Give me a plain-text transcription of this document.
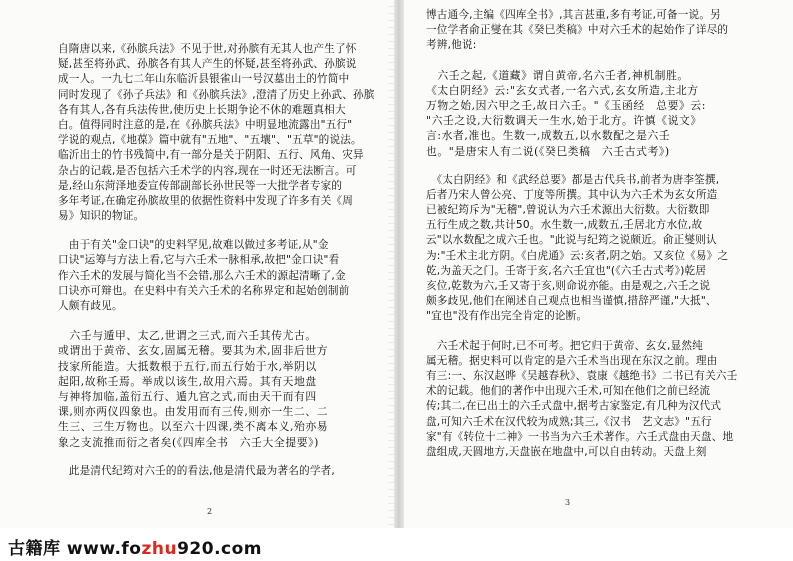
自隋唐以来,《孙膑兵法》不见于世,对孙膑有无其人也产生了怀
疑,甚至将孙武、孙膑各有其人产生的怀疑,甚至将孙武、孙膑说
成一人。一九七二年山东临沂县银雀山一号汉墓出土的竹简中
同时发现了《孙子兵法》和《孙膑兵法》,澄清了历史上孙武、孙膑
各有其人,各有兵法传世,使历史上长期争论不休的难题真相大
白。值得同时注意的是,在《孙膑兵法》中明显地流露出"五行"
学说的观点,《地葆》篇中就有"五地"、"五壤"、"五草"的说法。
临沂出土的竹书残简中,有一部分是关于阴阳、五行、风角、灾异
杂占的记载,是否包括六壬术学的内容,现在一时还无法断言。可
是,经山东菏泽地委宣传部副部长孙世民等一大批学者专家的
多年考证,在确定孙膑故里的依据性资料中发现了许多有关《周
易》知识的物证。
　由于有关"金口诀"的史料罕见,故难以做过多考证,从"金
口诀"运筹与方法上看,它与六壬术一脉相承,故把"金口诀"看
作六壬术的发展与简化当不会错,那么六壬术的源起清晰了,金
口诀亦可辩也。在史料中有关六壬术的名称界定和起始创制前
人颇有歧见。
　六壬与遁甲、太乙,世谓之三式,而六壬其传尤古。
或谓出于黄帝、玄女,固属无稽。要其为术,固非后世方
技家所能造。大抵数根于五行,而五行始于水,举阴以
起阳,故称壬焉。举成以该生,故用六焉。其有天地盘
与神将加临,盖衍五行、遁九宫之式,而由天干而有四
课,则亦两仪四象也。由发用而有三传,则亦一生二、二
生三、三生万物也。以至六十四课,类不离本义,殆亦易
象之支流推而衍之者矣(《四库全书　六壬大全提要》)
　此是清代纪筠对六壬的的看法,他是清代最为著名的学者,
2
博古通今,主编《四库全书》,其言甚重,多有考证,可备一说。另
一位学者俞正燮在其《癸巳类稿》中对六壬术的起始作了详尽的
考辨,他说:
　六壬之起,《道藏》谓自黄帝,名六壬者,神机制胜。
《太白阴经》云:"玄女式者,一名六式,玄女所造,主北方
万物之始,因六甲之壬,故日六壬。"《玉函经　总要》云:
"六壬之设,大衍数调天一生水,始于北方。许慎《说文》
言:水者,准也。生数一,成数五,以水数配之是六壬
也。"是唐宋人有二说(《癸巳类稿　六壬古式考》)
　《太白阴经》和《武经总要》都是古代兵书,前者为唐李筌撰,
后者乃宋人曾公亮、丁度等所撰。其中认为六壬术为玄女所造
已被纪筠斥为"无稽",曾说认为六壬术源出大衍数。大衍数即
五行生成之数,共计50。水生数一,成数五,壬居北方水位,故
云"以水数配之成六壬也。"此说与纪筠之说颇近。俞正燮则认
为:"壬术主北方阴。《白虎通》云:亥者,阴之始。又亥位《易》之
乾,为盖天之门。壬寄于亥,名六壬宜也"(《六壬古式考》)乾居
亥位,乾数为六,壬又寄于亥,则命说亦能。由是观之,六壬之说
颇多歧见,他们在阐述自己观点也相当谨慎,措辞严谨,"大抵"、
"宜也"没有作出完全肯定的论断。
　六壬术起于何时,已不可考。把它归于黄帝、玄女,显然纯
属无稽。据史料可以肯定的是六壬术当出现在东汉之前。理由
有三:一、东汉赵晔《吴越春秋》、袁康《越绝书》二书已有关六壬
术的记载。他们的著作中出现六壬术,可知在他们之前已经流
传;其二,在已出土的六壬式盘中,据考古家鉴定,有几种为汉代式
盘,可知六壬术在汉代较为成熟;其三,《汉书　艺文志》"五行
家"有《转位十二神》一书当为六壬术著作。六壬式盘由天盘、地
盘组成,天圆地方,天盘嵌在地盘中,可以自由转动。天盘上刻
3
古籍库 www.fozhu920.com
